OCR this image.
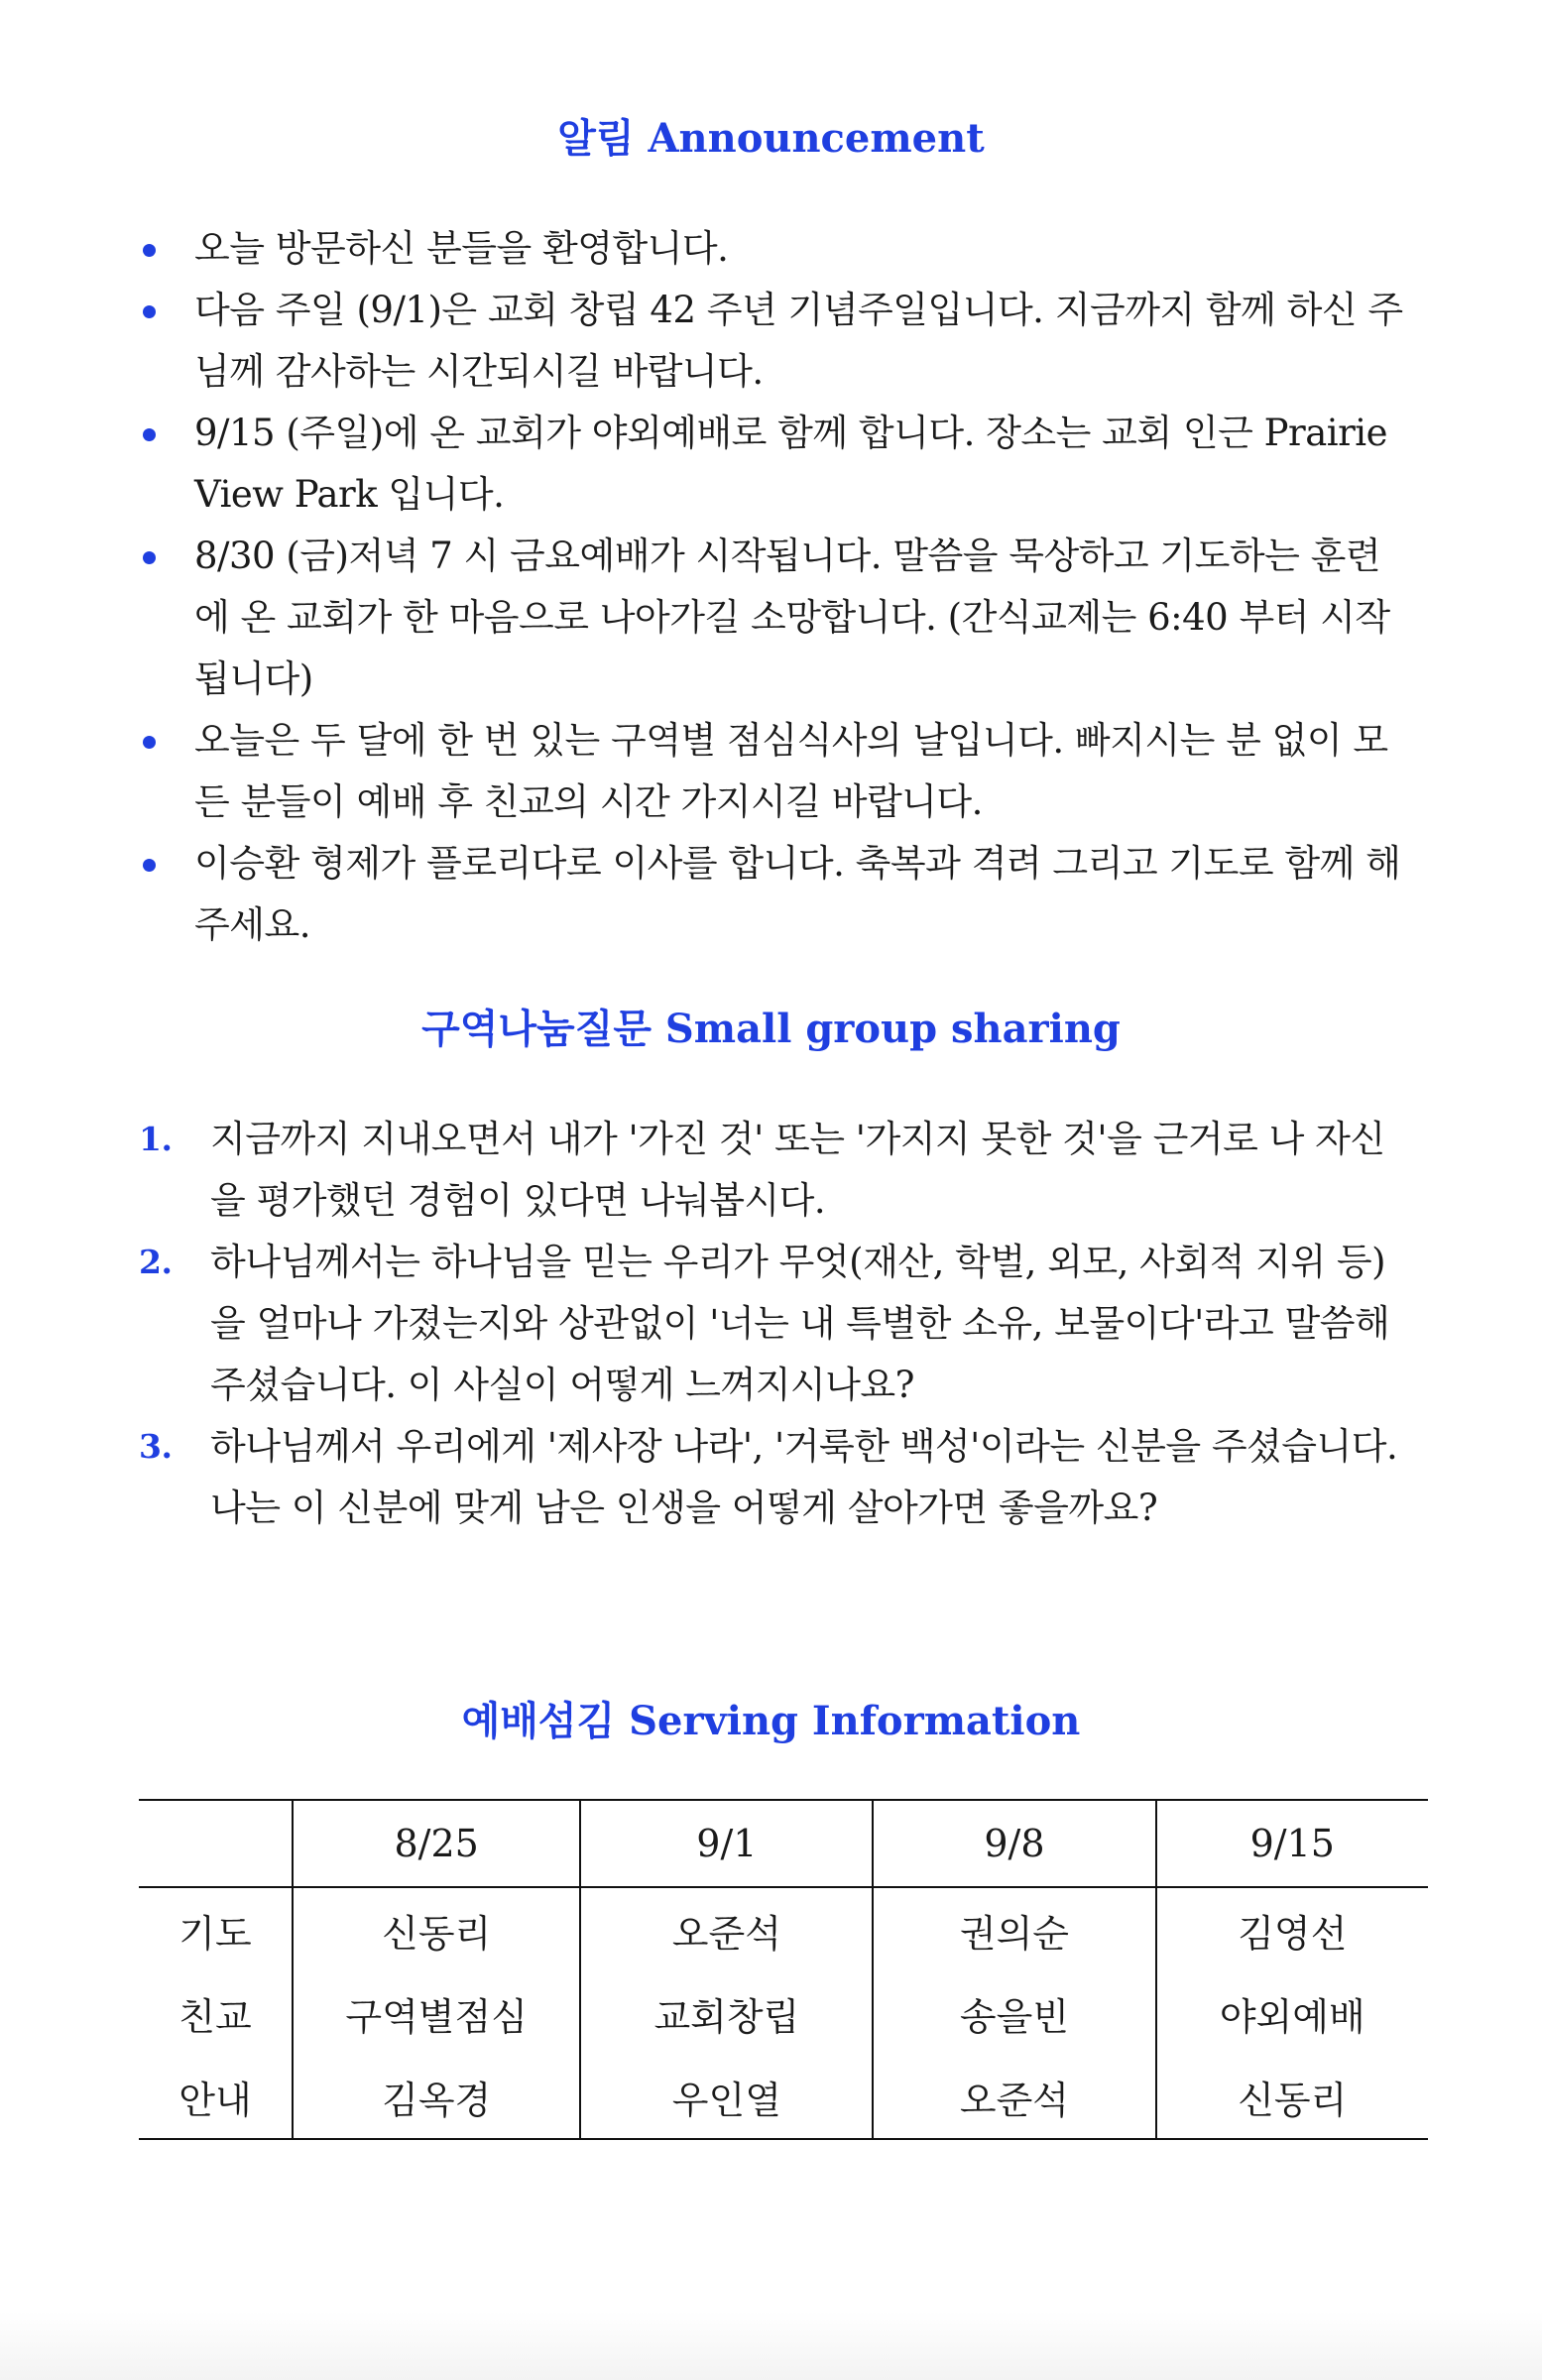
알림 Announcement
오늘 방문하신 분들을 환영합니다.
다음 주일 (9/1)은 교회 창립 42 주년 기념주일입니다. 지금까지 함께 하신 주님께 감사하는 시간되시길 바랍니다.
9/15 (주일)에 온 교회가 야외예배로 함께 합니다. 장소는 교회 인근 Prairie View Park 입니다.
8/30 (금)저녁 7 시 금요예배가 시작됩니다. 말씀을 묵상하고 기도하는 훈련에 온 교회가 한 마음으로 나아가길 소망합니다. (간식교제는 6:40 부터 시작됩니다)
오늘은 두 달에 한 번 있는 구역별 점심식사의 날입니다. 빠지시는 분 없이 모든 분들이 예배 후 친교의 시간 가지시길 바랍니다.
이승환 형제가 플로리다로 이사를 합니다. 축복과 격려 그리고 기도로 함께 해주세요.
구역나눔질문 Small group sharing
1. 지금까지 지내오면서 내가 '가진 것' 또는 '가지지 못한 것'을 근거로 나 자신을 평가했던 경험이 있다면 나눠봅시다.
2. 하나님께서는 하나님을 믿는 우리가 무엇(재산, 학벌, 외모, 사회적 지위 등)을 얼마나 가졌는지와 상관없이 '너는 내 특별한 소유, 보물이다'라고 말씀해주셨습니다. 이 사실이 어떻게 느껴지시나요?
3. 하나님께서 우리에게 '제사장 나라', '거룩한 백성'이라는 신분을 주셨습니다. 나는 이 신분에 맞게 남은 인생을 어떻게 살아가면 좋을까요?
예배섬김 Serving Information
	8/25	9/1	9/8	9/15
기도	신동리	오준석	권의순	김영선
친교	구역별점심	교회창립	송을빈	야외예배
안내	김옥경	우인열	오준석	신동리
